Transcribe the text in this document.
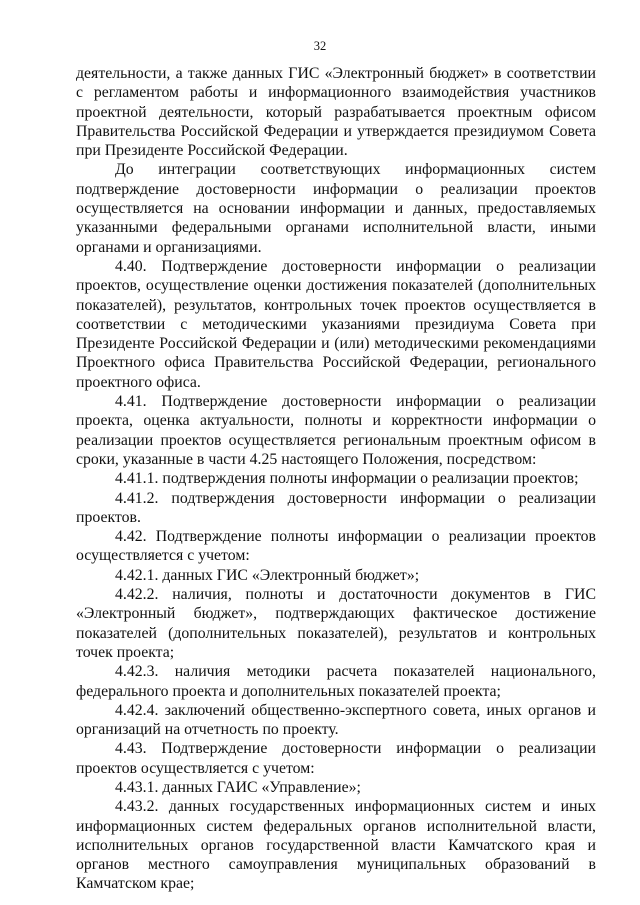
32

деятельности, а также данных ГИС «Электронный бюджет» в соответствии с регламентом работы и информационного взаимодействия участников проектной деятельности, который разрабатывается проектным офисом Правительства Российской Федерации и утверждается президиумом Совета при Президенте Российской Федерации.

До интеграции соответствующих информационных систем подтверждение достоверности информации о реализации проектов осуществляется на основании информации и данных, предоставляемых указанными федеральными органами исполнительной власти, иными органами и организациями.

4.40. Подтверждение достоверности информации о реализации проектов, осуществление оценки достижения показателей (дополнительных показателей), результатов, контрольных точек проектов осуществляется в соответствии с методическими указаниями президиума Совета при Президенте Российской Федерации и (или) методическими рекомендациями Проектного офиса Правительства Российской Федерации, регионального проектного офиса.

4.41. Подтверждение достоверности информации о реализации проекта, оценка актуальности, полноты и корректности информации о реализации проектов осуществляется региональным проектным офисом в сроки, указанные в части 4.25 настоящего Положения, посредством:

4.41.1. подтверждения полноты информации о реализации проектов;

4.41.2. подтверждения достоверности информации о реализации проектов.

4.42. Подтверждение полноты информации о реализации проектов осуществляется с учетом:

4.42.1. данных ГИС «Электронный бюджет»;

4.42.2. наличия, полноты и достаточности документов в ГИС «Электронный бюджет», подтверждающих фактическое достижение показателей (дополнительных показателей), результатов и контрольных точек проекта;

4.42.3. наличия методики расчета показателей национального, федерального проекта и дополнительных показателей проекта;

4.42.4. заключений общественно-экспертного совета, иных органов и организаций на отчетность по проекту.

4.43. Подтверждение достоверности информации о реализации проектов осуществляется с учетом:

4.43.1. данных ГАИС «Управление»;

4.43.2. данных государственных информационных систем и иных информационных систем федеральных органов исполнительной власти, исполнительных органов государственной власти Камчатского края и органов местного самоуправления муниципальных образований в Камчатском крае;
